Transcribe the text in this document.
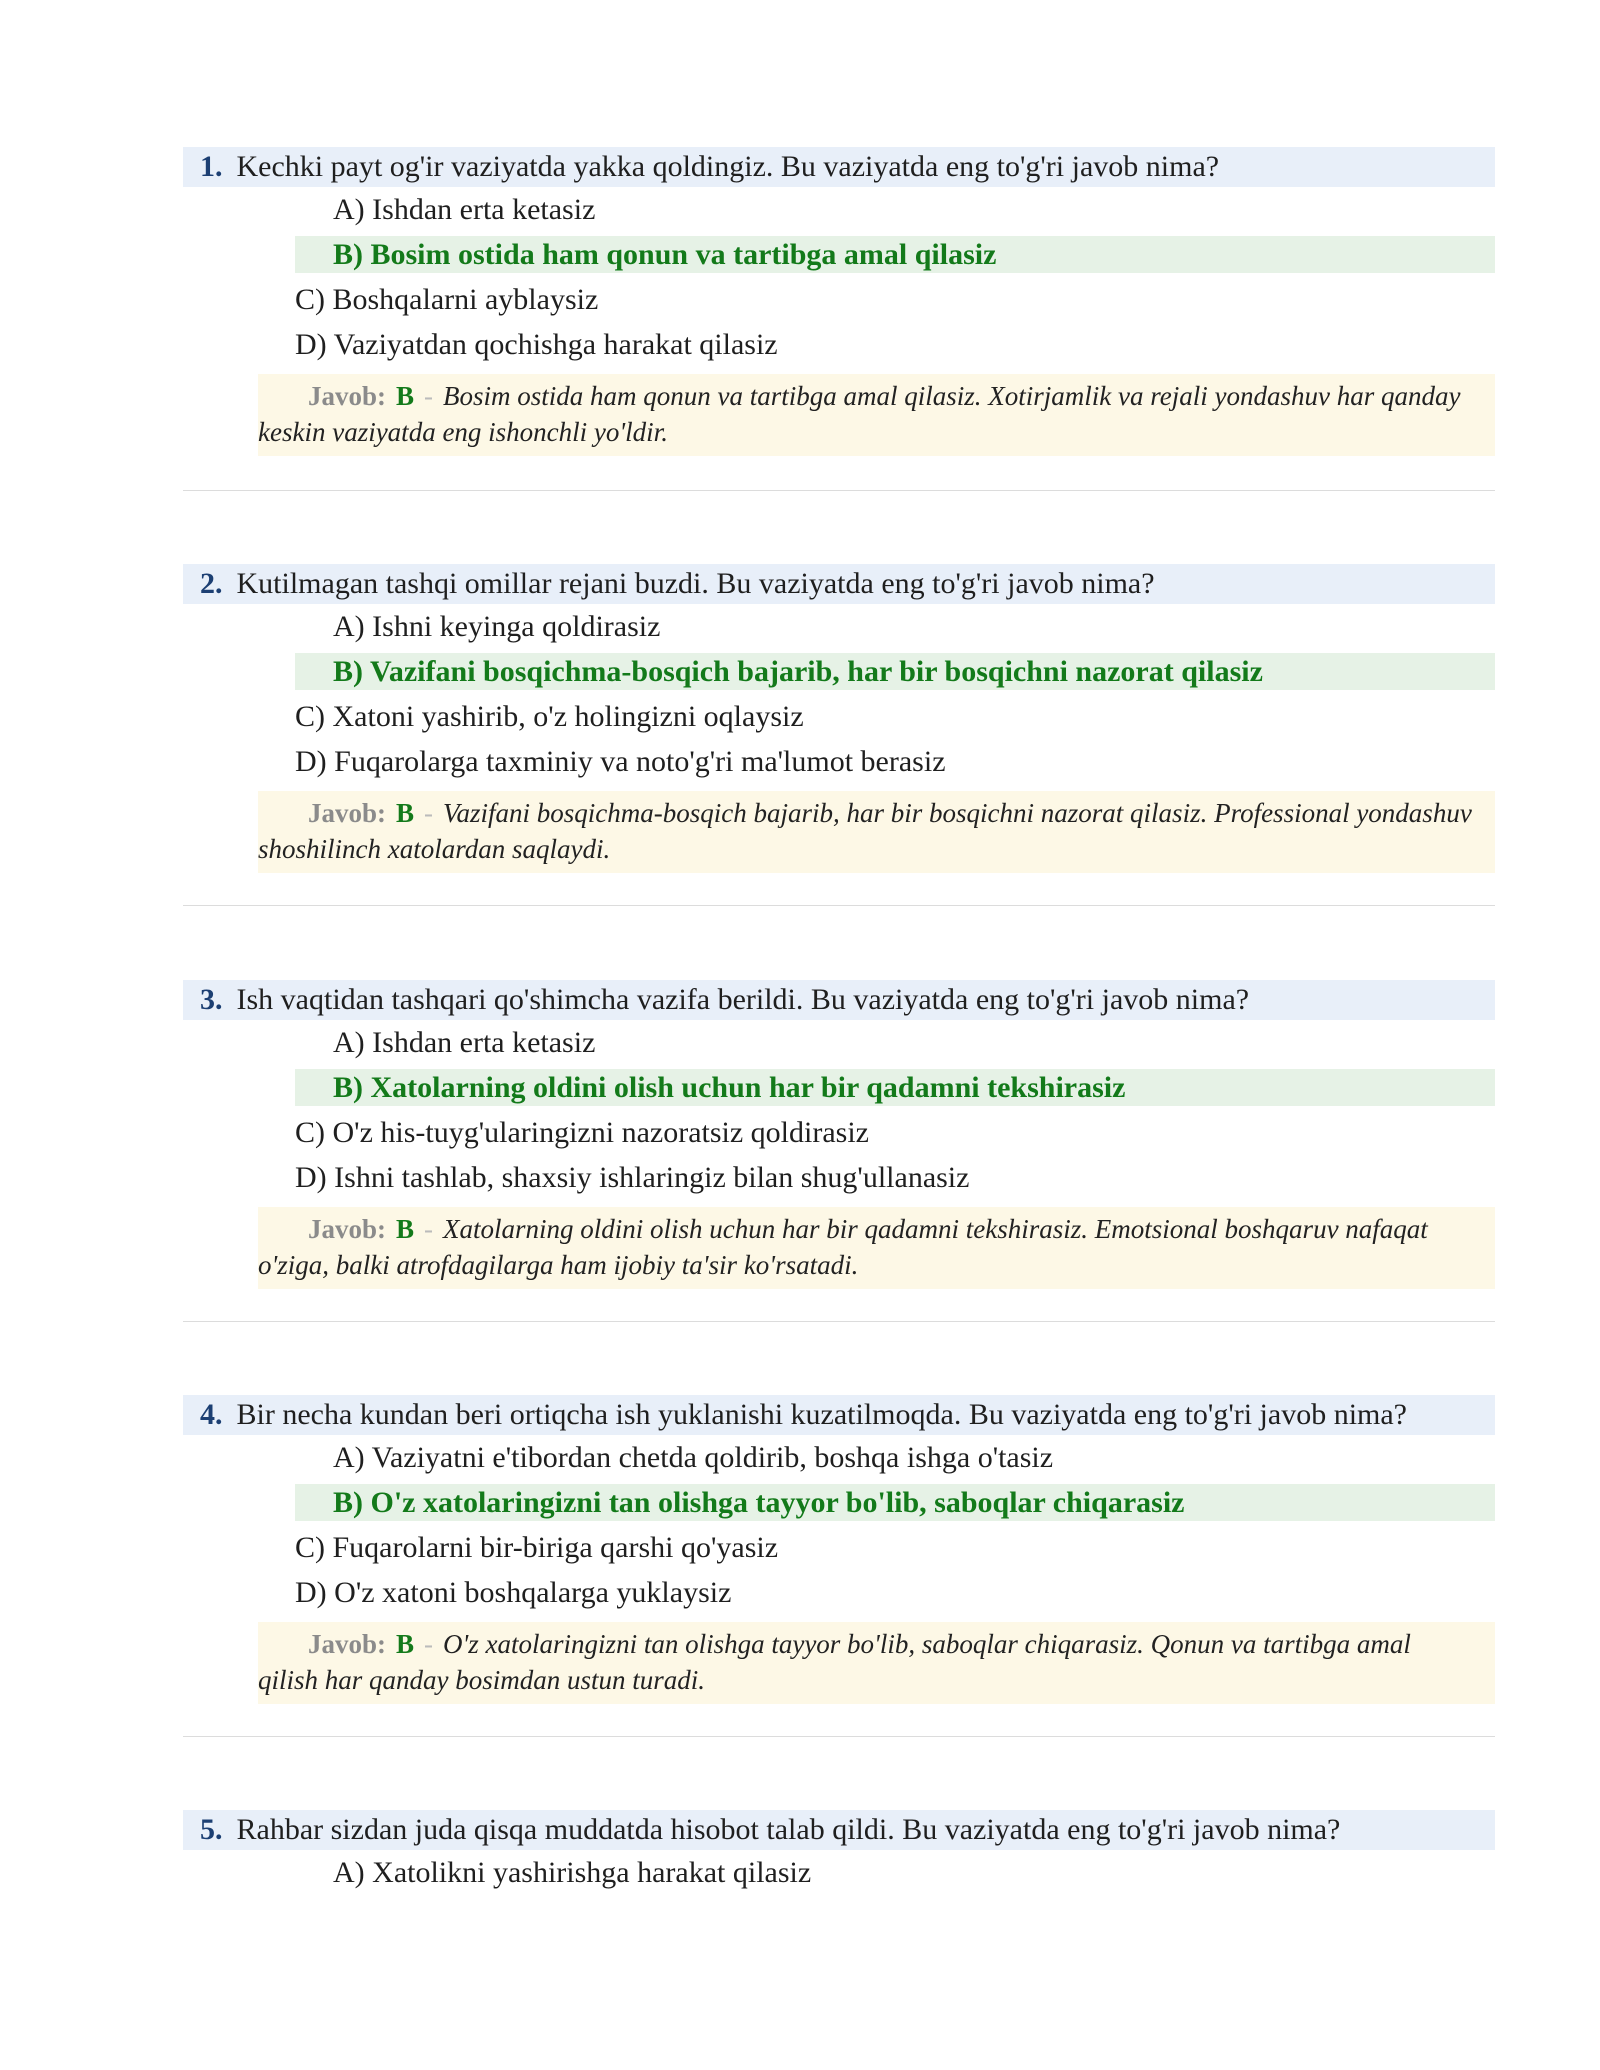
1. Kechki payt og'ir vaziyatda yakka qoldingiz. Bu vaziyatda eng to'g'ri javob nima?
A) Ishdan erta ketasiz
B) Bosim ostida ham qonun va tartibga amal qilasiz
C) Boshqalarni ayblaysiz
D) Vaziyatdan qochishga harakat qilasiz
Javob: B - Bosim ostida ham qonun va tartibga amal qilasiz. Xotirjamlik va rejali yondashuv har qanday keskin vaziyatda eng ishonchli yo'ldir.
2. Kutilmagan tashqi omillar rejani buzdi. Bu vaziyatda eng to'g'ri javob nima?
A) Ishni keyinga qoldirasiz
B) Vazifani bosqichma-bosqich bajarib, har bir bosqichni nazorat qilasiz
C) Xatoni yashirib, o'z holingizni oqlaysiz
D) Fuqarolarga taxminiy va noto'g'ri ma'lumot berasiz
Javob: B - Vazifani bosqichma-bosqich bajarib, har bir bosqichni nazorat qilasiz. Professional yondashuv shoshilinch xatolardan saqlaydi.
3. Ish vaqtidan tashqari qo'shimcha vazifa berildi. Bu vaziyatda eng to'g'ri javob nima?
A) Ishdan erta ketasiz
B) Xatolarning oldini olish uchun har bir qadamni tekshirasiz
C) O'z his-tuyg'ularingizni nazoratsiz qoldirasiz
D) Ishni tashlab, shaxsiy ishlaringiz bilan shug'ullanasiz
Javob: B - Xatolarning oldini olish uchun har bir qadamni tekshirasiz. Emotsional boshqaruv nafaqat o'ziga, balki atrofdagilarga ham ijobiy ta'sir ko'rsatadi.
4. Bir necha kundan beri ortiqcha ish yuklanishi kuzatilmoqda. Bu vaziyatda eng to'g'ri javob nima?
A) Vaziyatni e'tibordan chetda qoldirib, boshqa ishga o'tasiz
B) O'z xatolaringizni tan olishga tayyor bo'lib, saboqlar chiqarasiz
C) Fuqarolarni bir-biriga qarshi qo'yasiz
D) O'z xatoni boshqalarga yuklaysiz
Javob: B - O'z xatolaringizni tan olishga tayyor bo'lib, saboqlar chiqarasiz. Qonun va tartibga amal qilish har qanday bosimdan ustun turadi.
5. Rahbar sizdan juda qisqa muddatda hisobot talab qildi. Bu vaziyatda eng to'g'ri javob nima?
A) Xatolikni yashirishga harakat qilasiz
